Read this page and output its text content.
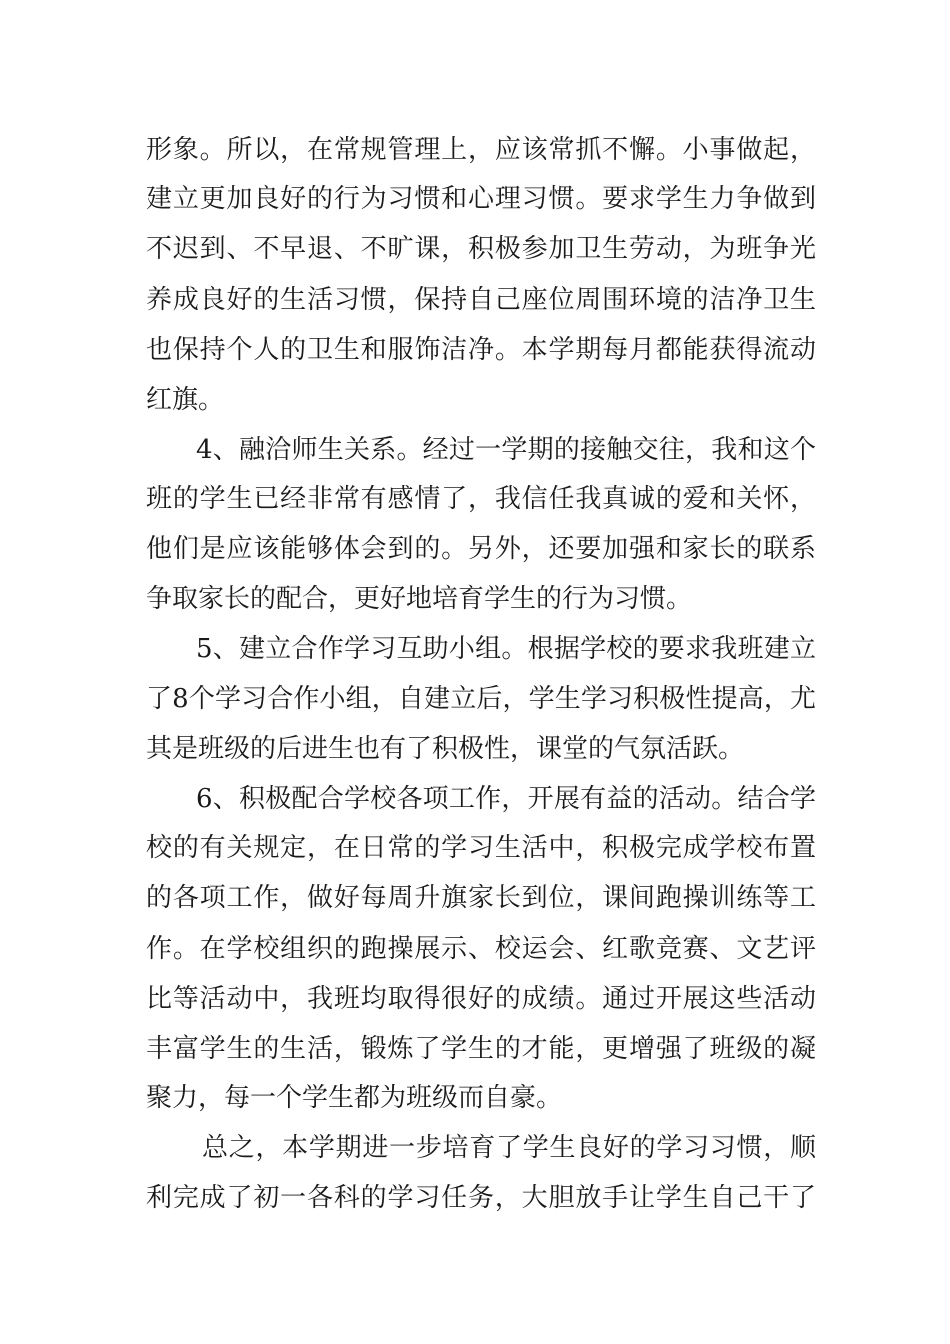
形象。所以，在常规管理上，应该常抓不懈。小事做起，
建立更加良好的行为习惯和心理习惯。要求学生力争做到
不迟到、不早退、不旷课，积极参加卫生劳动，为班争光
养成良好的生活习惯，保持自己座位周围环境的洁净卫生
也保持个人的卫生和服饰洁净。本学期每月都能获得流动
红旗。
4、融洽师生关系。经过一学期的接触交往，我和这个
班的学生已经非常有感情了，我信任我真诚的爱和关怀，
他们是应该能够体会到的。另外，还要加强和家长的联系
争取家长的配合，更好地培育学生的行为习惯。
5、建立合作学习互助小组。根据学校的要求我班建立
了8个学习合作小组，自建立后，学生学习积极性提高，尤
其是班级的后进生也有了积极性，课堂的气氛活跃。
6、积极配合学校各项工作，开展有益的活动。结合学
校的有关规定，在日常的学习生活中，积极完成学校布置
的各项工作，做好每周升旗家长到位，课间跑操训练等工
作。在学校组织的跑操展示、校运会、红歌竞赛、文艺评
比等活动中，我班均取得很好的成绩。通过开展这些活动
丰富学生的生活，锻炼了学生的才能，更增强了班级的凝
聚力，每一个学生都为班级而自豪。
总之，本学期进一步培育了学生良好的学习习惯，顺
利完成了初一各科的学习任务，大胆放手让学生自己干了
